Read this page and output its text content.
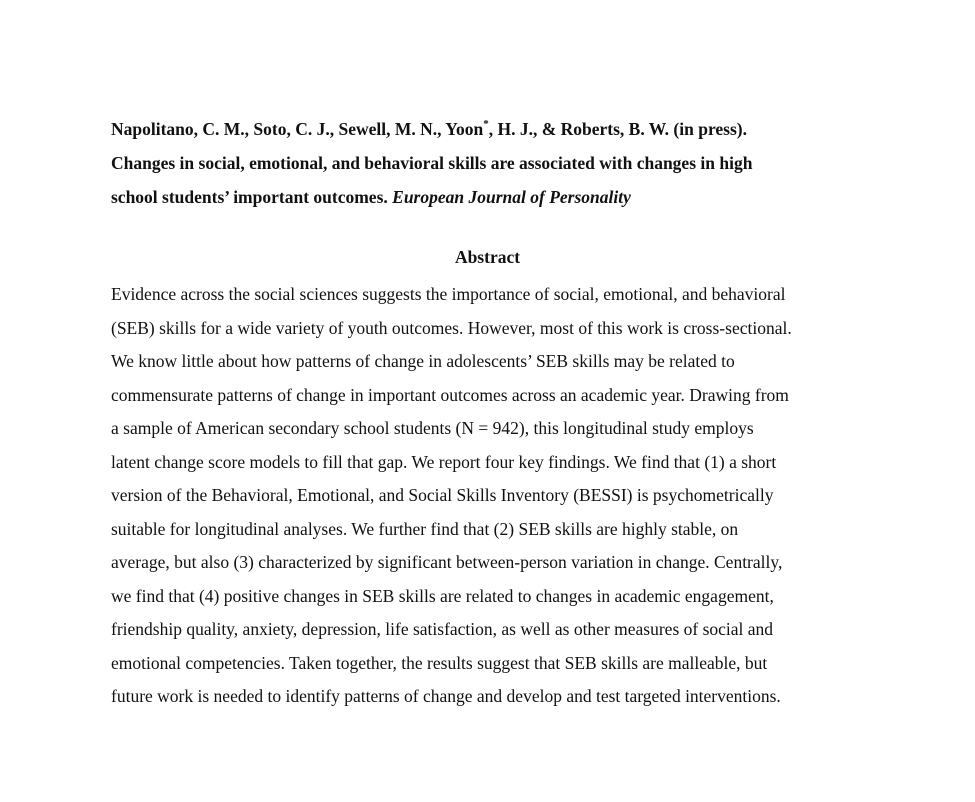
Napolitano, C. M., Soto, C. J., Sewell, M. N., Yoon*, H. J., & Roberts, B. W. (in press).
Changes in social, emotional, and behavioral skills are associated with changes in high
school students’ important outcomes. European Journal of Personality
Abstract
Evidence across the social sciences suggests the importance of social, emotional, and behavioral
(SEB) skills for a wide variety of youth outcomes. However, most of this work is cross-sectional.
We know little about how patterns of change in adolescents’ SEB skills may be related to
commensurate patterns of change in important outcomes across an academic year. Drawing from
a sample of American secondary school students (N = 942), this longitudinal study employs
latent change score models to fill that gap. We report four key findings. We find that (1) a short
version of the Behavioral, Emotional, and Social Skills Inventory (BESSI) is psychometrically
suitable for longitudinal analyses. We further find that (2) SEB skills are highly stable, on
average, but also (3) characterized by significant between-person variation in change. Centrally,
we find that (4) positive changes in SEB skills are related to changes in academic engagement,
friendship quality, anxiety, depression, life satisfaction, as well as other measures of social and
emotional competencies. Taken together, the results suggest that SEB skills are malleable, but
future work is needed to identify patterns of change and develop and test targeted interventions.
